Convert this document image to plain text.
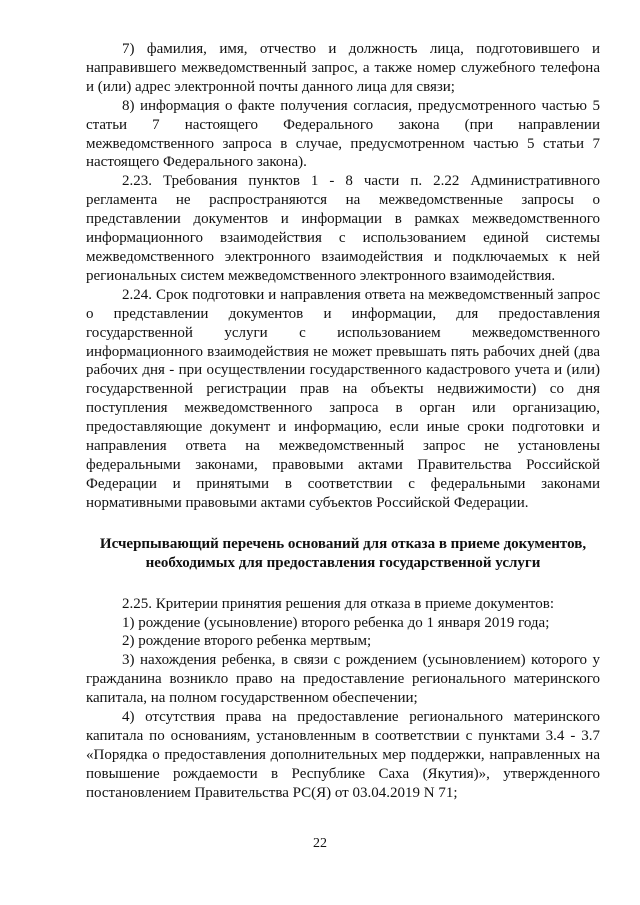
7) фамилия, имя, отчество и должность лица, подготовившего и направившего межведомственный запрос, а также номер служебного телефона и (или) адрес электронной почты данного лица для связи;

8) информация о факте получения согласия, предусмотренного частью 5 статьи 7 настоящего Федерального закона (при направлении межведомственного запроса в случае, предусмотренном частью 5 статьи 7 настоящего Федерального закона).

2.23. Требования пунктов 1 - 8 части п. 2.22 Административного регламента не распространяются на межведомственные запросы о представлении документов и информации в рамках межведомственного информационного взаимодействия с использованием единой системы межведомственного электронного взаимодействия и подключаемых к ней региональных систем межведомственного электронного взаимодействия.

2.24. Срок подготовки и направления ответа на межведомственный запрос о представлении документов и информации, для предоставления государственной услуги с использованием межведомственного информационного взаимодействия не может превышать пять рабочих дней (два рабочих дня - при осуществлении государственного кадастрового учета и (или) государственной регистрации прав на объекты недвижимости) со дня поступления межведомственного запроса в орган или организацию, предоставляющие документ и информацию, если иные сроки подготовки и направления ответа на межведомственный запрос не установлены федеральными законами, правовыми актами Правительства Российской Федерации и принятыми в соответствии с федеральными законами нормативными правовыми актами субъектов Российской Федерации.

Исчерпывающий перечень оснований для отказа в приеме документов, необходимых для предоставления государственной услуги

2.25. Критерии принятия решения для отказа в приеме документов:

1) рождение (усыновление) второго ребенка до 1 января 2019 года;

2) рождение второго ребенка мертвым;

3) нахождения ребенка, в связи с рождением (усыновлением) которого у гражданина возникло право на предоставление регионального материнского капитала, на полном государственном обеспечении;

4) отсутствия права на предоставление регионального материнского капитала по основаниям, установленным в соответствии с пунктами 3.4 - 3.7 «Порядка о предоставления дополнительных мер поддержки, направленных на повышение рождаемости в Республике Саха (Якутия)», утвержденного постановлением Правительства РС(Я) от 03.04.2019 N 71;

22
